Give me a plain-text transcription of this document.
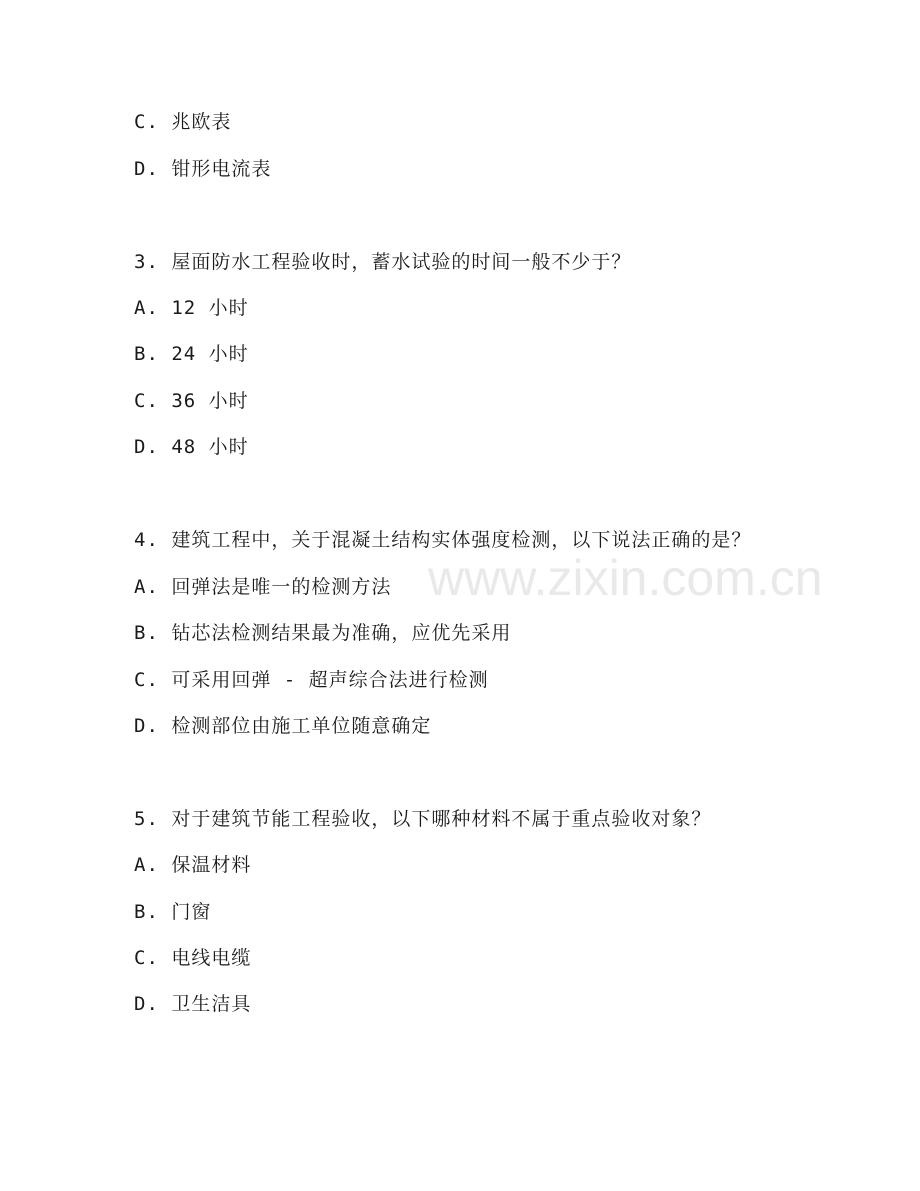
www.zixin.com.cn
C. 兆欧表
D. 钳形电流表
3. 屋面防水工程验收时，蓄水试验的时间一般不少于？
A. 12 小时
B. 24 小时
C. 36 小时
D. 48 小时
4. 建筑工程中，关于混凝土结构实体强度检测，以下说法正确的是？
A. 回弹法是唯一的检测方法
B. 钻芯法检测结果最为准确，应优先采用
C. 可采用回弹 - 超声综合法进行检测
D. 检测部位由施工单位随意确定
5. 对于建筑节能工程验收，以下哪种材料不属于重点验收对象？
A. 保温材料
B. 门窗
C. 电线电缆
D. 卫生洁具
